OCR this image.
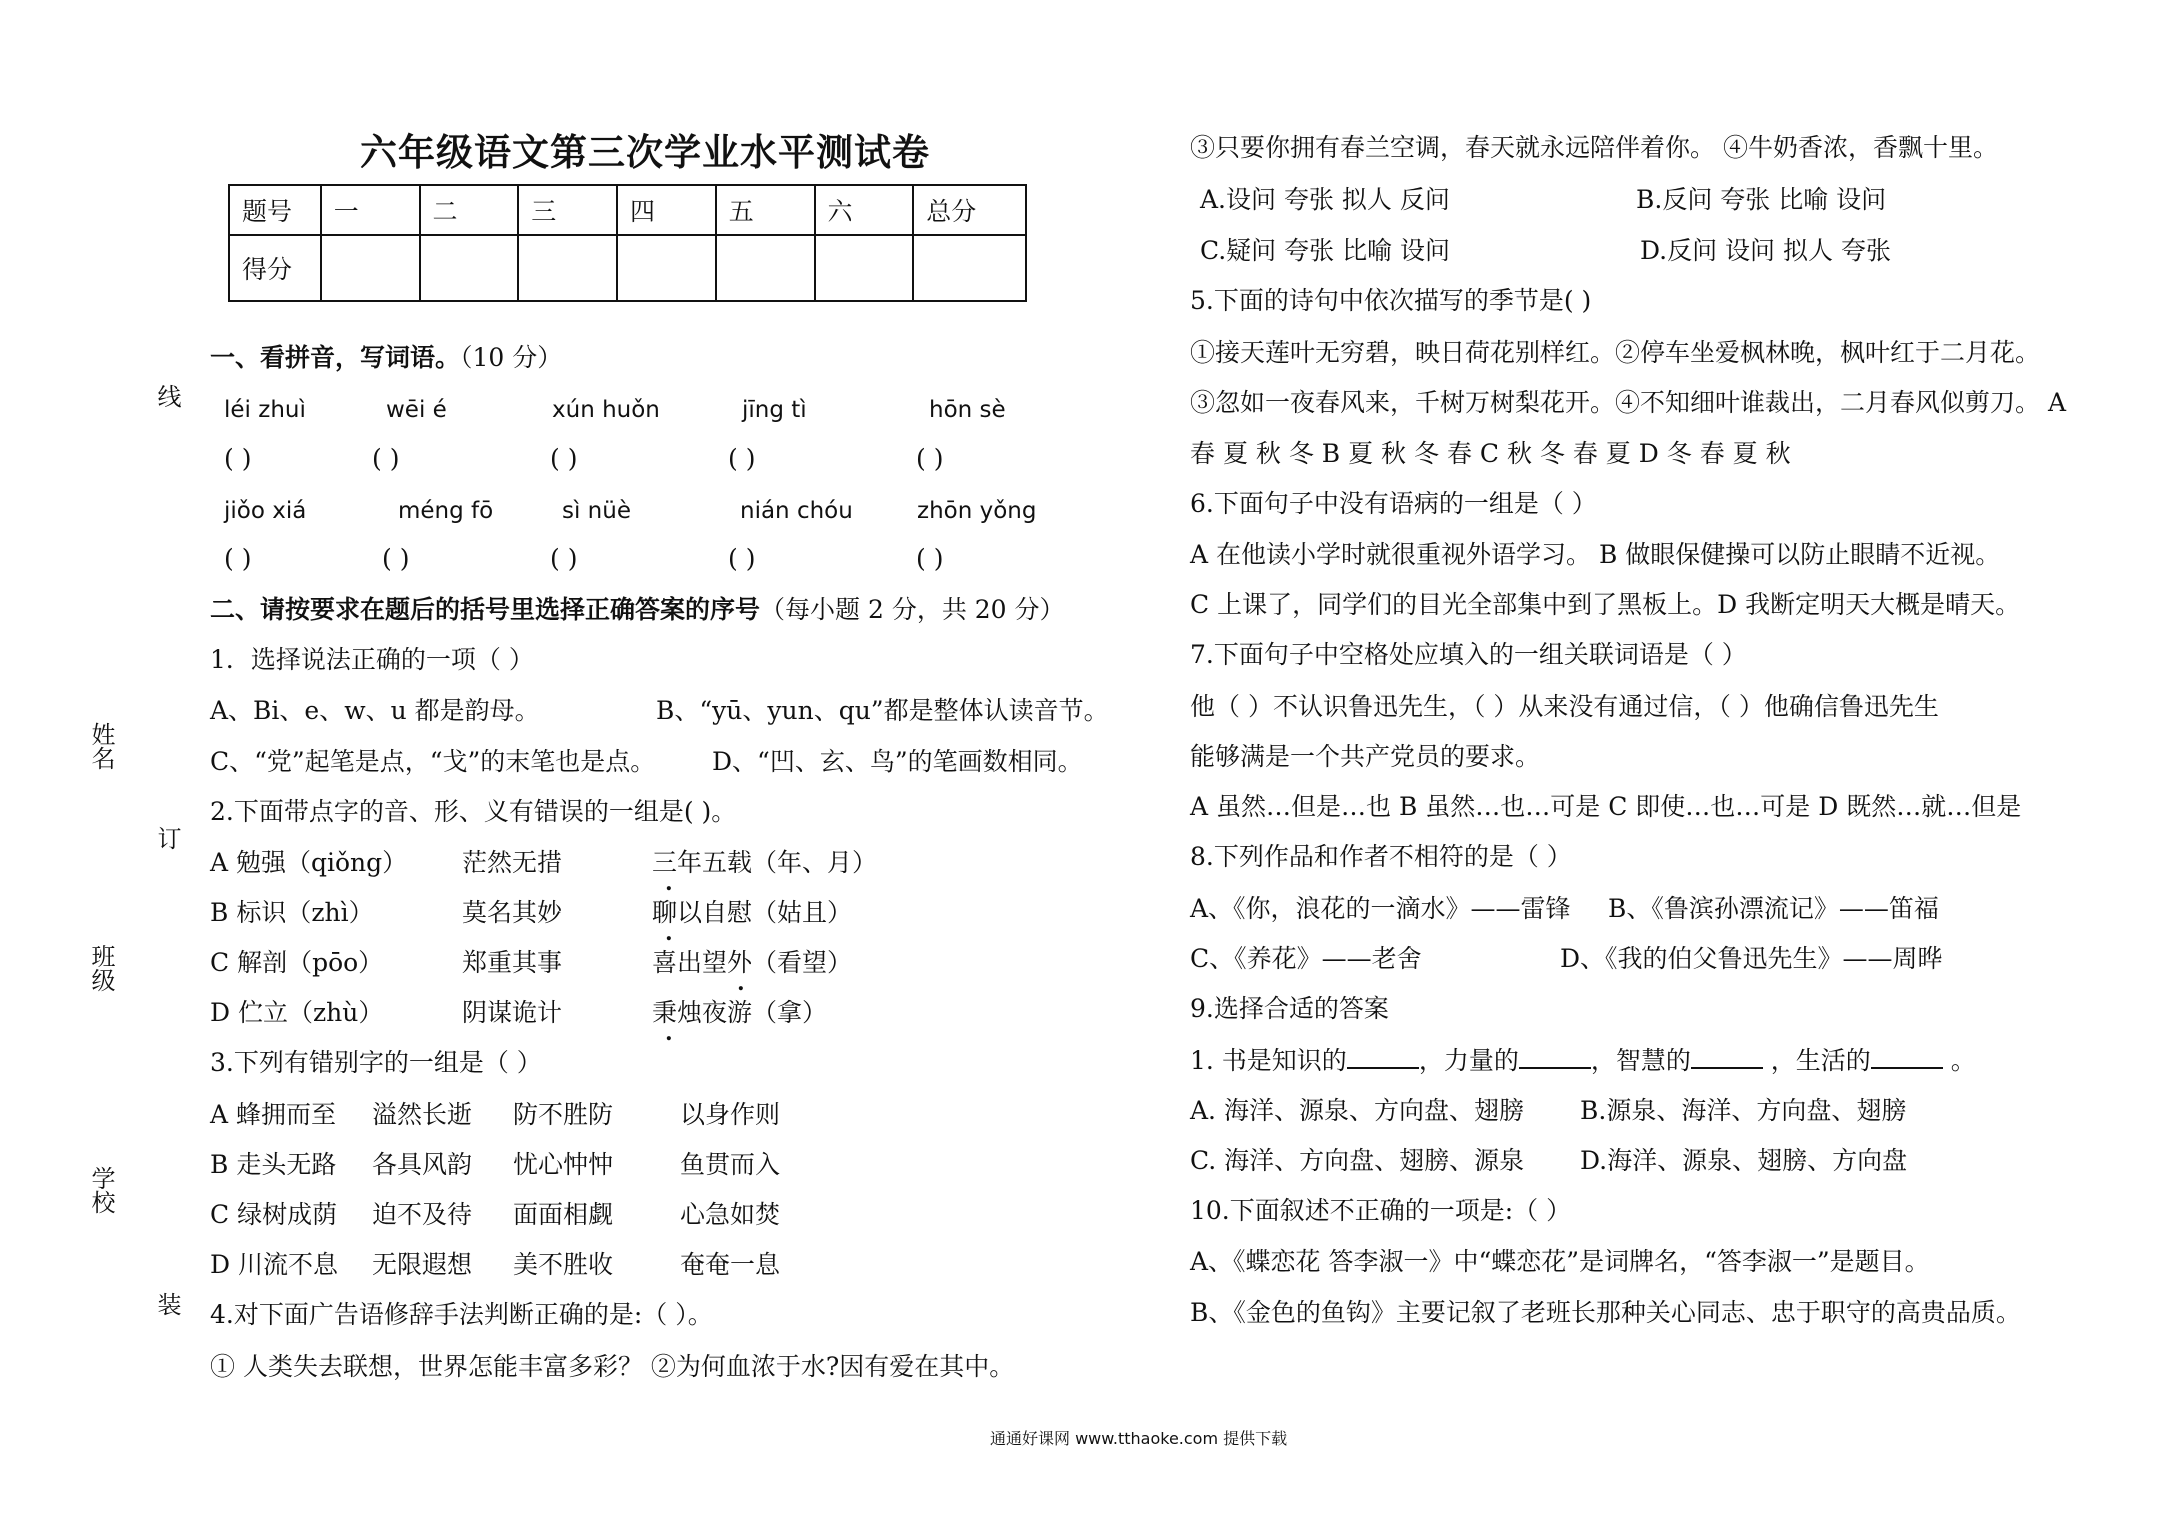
六年级语文第三次学业水平测试卷
题号	一	二	三	四	五	六	总分
得分							
线
姓名
订
班级
学校
装
一、看拼音，写词语。（10 分）
léi zhuì	wēi é	xún huǒn	jīng tì	hōn sè
( )	( )	( )	( )	( )
jiǒo xiá	méng fō	sì nüè	nián chóu	zhōn yǒng
( )	( )	( )	( )	( )
二、请按要求在题后的括号里选择正确答案的序号（每小题 2 分，共 20 分）
1．选择说法正确的一项（ ）
A、Bi、e、w、u 都是韵母。	B、“yū、yun、qu”都是整体认读音节。
C、“党”起笔是点，“戈”的末笔也是点。 D、“凹、玄、鸟”的笔画数相同。
2.下面带点字的音、形、义有错误的一组是( )。
A 勉强（qiǒng） 茫然无措	三年五载（年、月）
B 标识（zhì）	莫名其妙	聊以自慰（姑且）
C 解剖（pōo）	郑重其事	喜出望外（看望）
D 伫立（zhù）	阴谋诡计	秉烛夜游（拿）
.
.
.
.
3.下列有错别字的一组是（ ）
A 蜂拥而至 溢然长逝 防不胜防	以身作则
B 走头无路 各具风韵 忧心忡忡	鱼贯而入
C 绿树成荫 迫不及待 面面相觑	心急如焚
D 川流不息 无限遐想 美不胜收	奄奄一息
4.对下面广告语修辞手法判断正确的是:（ ）。
① 人类失去联想，世界怎能丰富多彩？ ②为何血浓于水?因有爱在其中。
③只要你拥有春兰空调，春天就永远陪伴着你。 ④牛奶香浓，香飘十里。
A.设问 夸张 拟人 反问	B.反问 夸张 比喻 设问
C.疑问 夸张 比喻 设问	D.反问 设问 拟人 夸张
5.下面的诗句中依次描写的季节是( )
①接天莲叶无穷碧，映日荷花别样红。②停车坐爱枫林晚，枫叶红于二月花。
③忽如一夜春风来，千树万树梨花开。④不知细叶谁裁出，二月春风似剪刀。 A
春 夏 秋 冬 B 夏 秋 冬 春 C 秋 冬 春 夏 D 冬 春 夏 秋
6.下面句子中没有语病的一组是（ ）
A 在他读小学时就很重视外语学习。 B 做眼保健操可以防止眼睛不近视。
C 上课了，同学们的目光全部集中到了黑板上。D 我断定明天大概是晴天。
7.下面句子中空格处应填入的一组关联词语是（ ）
他（ ）不认识鲁迅先生，（ ）从来没有通过信，（ ）他确信鲁迅先生
能够满是一个共产党员的要求。
A 虽然…但是…也 B 虽然…也…可是 C 即使…也…可是 D 既然…就…但是
8.下列作品和作者不相符的是（ ）
A、《你，浪花的一滴水》——雷锋 B、《鲁滨孙漂流记》——笛福
C、《养花》——老舍	D、《我的伯父鲁迅先生》——周晔
9.选择合适的答案
1. 书是知识的	，力量的	，智慧的	，生活的	。
A. 海洋、源泉、方向盘、翅膀 B.源泉、海洋、方向盘、翅膀
C. 海洋、方向盘、翅膀、源泉 D.海洋、源泉、翅膀、方向盘
10.下面叙述不正确的一项是:（ ）
A、《蝶恋花 答李淑一》中“蝶恋花”是词牌名，“答李淑一”是题目。
B、《金色的鱼钩》主要记叙了老班长那种关心同志、忠于职守的高贵品质。
通通好课网 www.tthaoke.com 提供下载
